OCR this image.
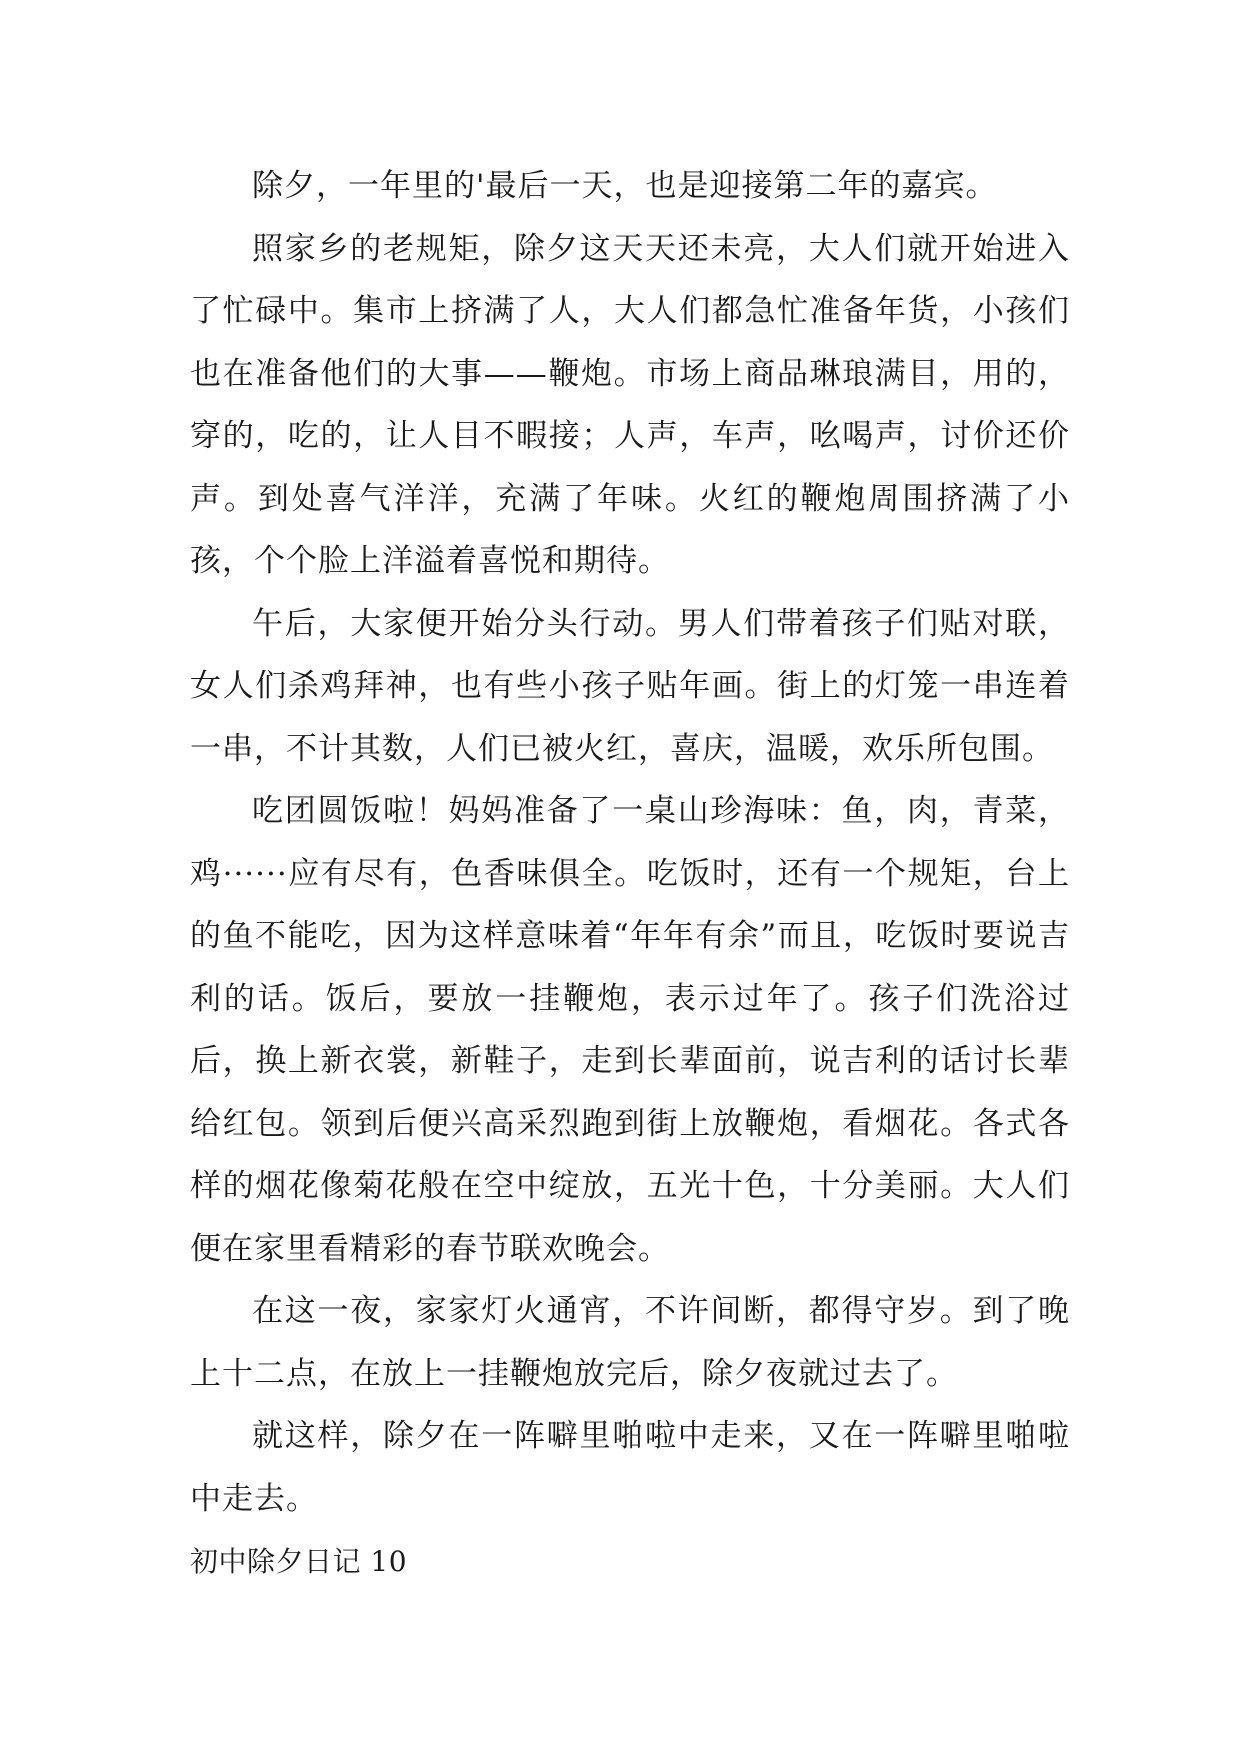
除夕，一年里的'最后一天，也是迎接第二年的嘉宾。

照家乡的老规矩，除夕这天天还未亮，大人们就开始进入了忙碌中。集市上挤满了人，大人们都急忙准备年货，小孩们也在准备他们的大事——鞭炮。市场上商品琳琅满目，用的，穿的，吃的，让人目不暇接；人声，车声，吆喝声，讨价还价声。到处喜气洋洋，充满了年味。火红的鞭炮周围挤满了小孩，个个脸上洋溢着喜悦和期待。

午后，大家便开始分头行动。男人们带着孩子们贴对联，女人们杀鸡拜神，也有些小孩子贴年画。街上的灯笼一串连着一串，不计其数，人们已被火红，喜庆，温暖，欢乐所包围。

吃团圆饭啦！妈妈准备了一桌山珍海味：鱼，肉，青菜，鸡······应有尽有，色香味俱全。吃饭时，还有一个规矩，台上的鱼不能吃，因为这样意味着“年年有余”而且，吃饭时要说吉利的话。饭后，要放一挂鞭炮，表示过年了。孩子们洗浴过后，换上新衣裳，新鞋子，走到长辈面前，说吉利的话讨长辈给红包。领到后便兴高采烈跑到街上放鞭炮，看烟花。各式各样的烟花像菊花般在空中绽放，五光十色，十分美丽。大人们便在家里看精彩的春节联欢晚会。

在这一夜，家家灯火通宵，不许间断，都得守岁。到了晚上十二点，在放上一挂鞭炮放完后，除夕夜就过去了。

就这样，除夕在一阵噼里啪啦中走来，又在一阵噼里啪啦中走去。

初中除夕日记 10
